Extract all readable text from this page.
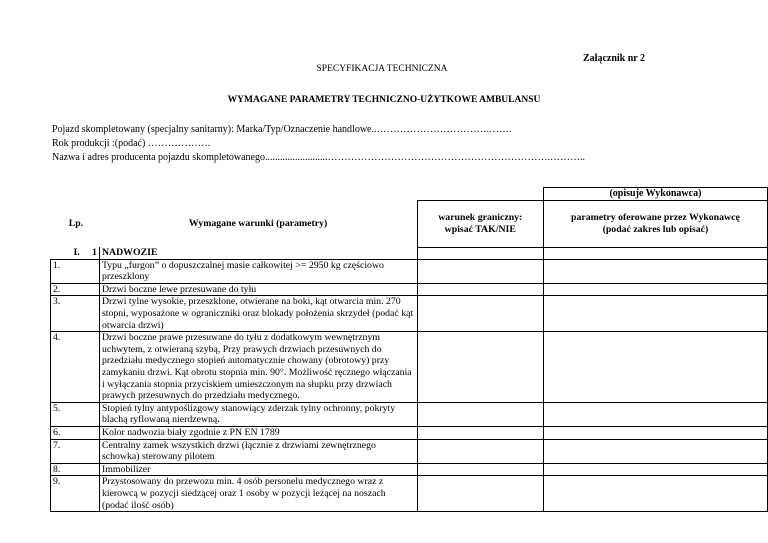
Załącznik nr 2
SPECYFIKACJA TECHNICZNA
WYMAGANE PARAMETRY TECHNICZNO-UŻYTKOWE AMBULANSU
Pojazd skompletowany (specjalny sanitarny): Marka/Typ/Oznaczenie handlowe..…………………………….…….
Rok produkcji :(podać) ……………….
Nazwa i adres producenta pojazdu skompletowanego.........................………………………………………………………….………..
			(opisuje Wykonawca)
Lp.	Wymagane warunki (parametry)	warunek graniczny: wpisać TAK/NIE	parametry oferowane przez Wykonawcę (podać zakres lub opisać)
I. 1	NADWOZIE		
1.	Typu „furgon” o dopuszczalnej masie całkowitej >= 2950 kg częściowo przeszklony		
2.	Drzwi boczne lewe przesuwane do tyłu		
3.	Drzwi tylne wysokie, przeszklone, otwierane na boki, kąt otwarcia min. 270 stopni, wyposażone w ograniczniki oraz blokady położenia skrzydeł (podać kąt otwarcia drzwi)		
4.	Drzwi boczne prawe przesuwane do tyłu z dodatkowym wewnętrznym uchwytem, z otwieraną szybą, Przy prawych drzwiach przesuwnych do przedziału medycznego stopień automatycznie chowany (obrotowy) przy zamykaniu drzwi. Kąt obrotu stopnia min. 90°. Możliwość ręcznego włączania i wyłączania stopnia przyciskiem umieszczonym na słupku przy drzwiach prawych przesuwnych do przedziału medycznego.		
5.	Stopień tylny antypoślizgowy stanowiący zderzak tylny ochronny, pokryty blachą ryflowaną nierdzewną.		
6.	Kolor nadwozia biały zgodnie z PN EN 1789		
7.	Centralny zamek wszystkich drzwi (łącznie z drzwiami zewnętrznego schowka) sterowany pilotem		
8.	Immobilizer		
9.	Przystosowany do przewozu min. 4 osób personelu medycznego wraz z kierowcą w pozycji siedzącej oraz 1 osoby w pozycji leżącej na noszach (podać ilość osób)		
